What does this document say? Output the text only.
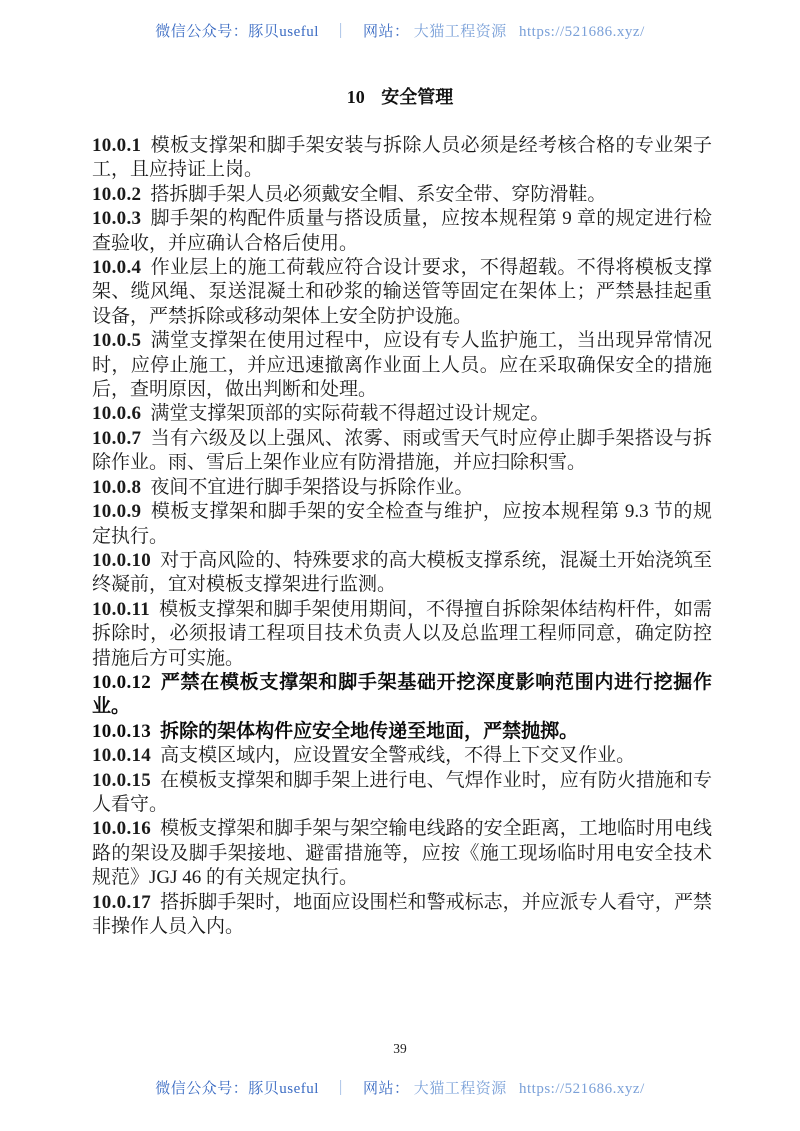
微信公众号：豚贝useful ｜ 网站： 大猫工程资源 https://521686.xyz/
10 安全管理

10.0.1 模板支撑架和脚手架安装与拆除人员必须是经考核合格的专业架子工，且应持证上岗。

10.0.2 搭拆脚手架人员必须戴安全帽、系安全带、穿防滑鞋。

10.0.3 脚手架的构配件质量与搭设质量，应按本规程第 9 章的规定进行检查验收，并应确认合格后使用。

10.0.4 作业层上的施工荷载应符合设计要求，不得超载。不得将模板支撑架、缆风绳、泵送混凝土和砂浆的输送管等固定在架体上；严禁悬挂起重设备，严禁拆除或移动架体上安全防护设施。

10.0.5 满堂支撑架在使用过程中，应设有专人监护施工，当出现异常情况时，应停止施工，并应迅速撤离作业面上人员。应在采取确保安全的措施后，查明原因，做出判断和处理。

10.0.6 满堂支撑架顶部的实际荷载不得超过设计规定。

10.0.7 当有六级及以上强风、浓雾、雨或雪天气时应停止脚手架搭设与拆除作业。雨、雪后上架作业应有防滑措施，并应扫除积雪。

10.0.8 夜间不宜进行脚手架搭设与拆除作业。

10.0.9 模板支撑架和脚手架的安全检查与维护，应按本规程第 9.3 节的规定执行。

10.0.10 对于高风险的、特殊要求的高大模板支撑系统，混凝土开始浇筑至终凝前，宜对模板支撑架进行监测。

10.0.11 模板支撑架和脚手架使用期间，不得擅自拆除架体结构杆件，如需拆除时，必须报请工程项目技术负责人以及总监理工程师同意，确定防控措施后方可实施。

10.0.12 严禁在模板支撑架和脚手架基础开挖深度影响范围内进行挖掘作业。

10.0.13 拆除的架体构件应安全地传递至地面，严禁抛掷。

10.0.14 高支模区域内，应设置安全警戒线，不得上下交叉作业。

10.0.15 在模板支撑架和脚手架上进行电、气焊作业时，应有防火措施和专人看守。

10.0.16 模板支撑架和脚手架与架空输电线路的安全距离，工地临时用电线路的架设及脚手架接地、避雷措施等，应按《施工现场临时用电安全技术规范》JGJ 46 的有关规定执行。

10.0.17 搭拆脚手架时，地面应设围栏和警戒标志，并应派专人看守，严禁非操作人员入内。

39
微信公众号：豚贝useful ｜ 网站： 大猫工程资源 https://521686.xyz/
